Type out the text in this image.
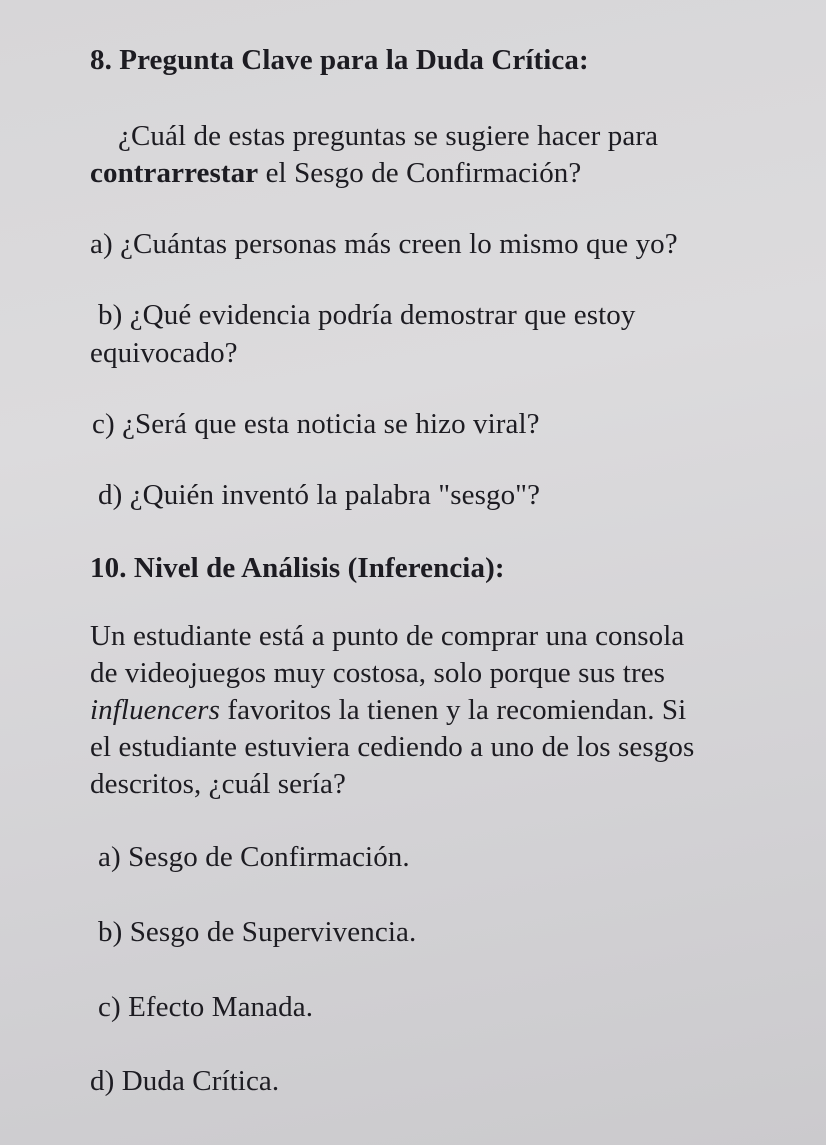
8. Pregunta Clave para la Duda Crítica:
¿Cuál de estas preguntas se sugiere hacer para
contrarrestar el Sesgo de Confirmación?
a) ¿Cuántas personas más creen lo mismo que yo?
b) ¿Qué evidencia podría demostrar que estoy
equivocado?
c) ¿Será que esta noticia se hizo viral?
d) ¿Quién inventó la palabra "sesgo"?
10. Nivel de Análisis (Inferencia):
Un estudiante está a punto de comprar una consola
de videojuegos muy costosa, solo porque sus tres
influencers favoritos la tienen y la recomiendan. Si
el estudiante estuviera cediendo a uno de los sesgos
descritos, ¿cuál sería?
a) Sesgo de Confirmación.
b) Sesgo de Supervivencia.
c) Efecto Manada.
d) Duda Crítica.
